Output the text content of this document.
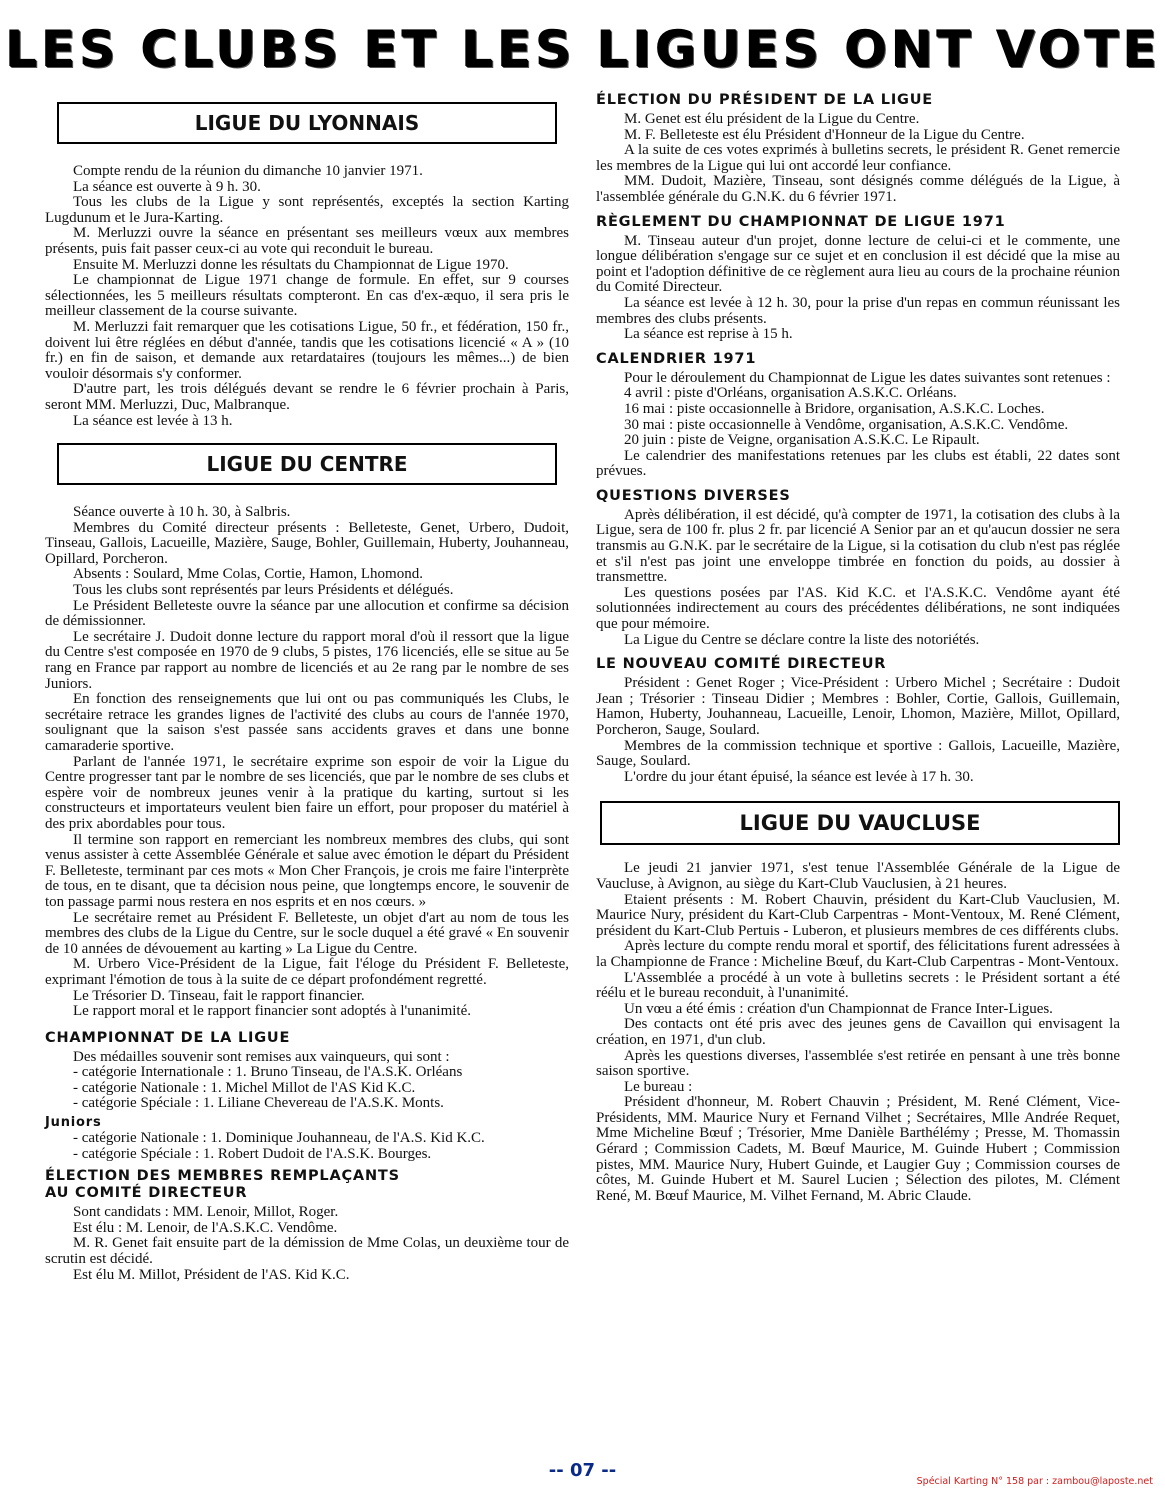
LES CLUBS ET LES LIGUES ONT VOTE
LIGUE DU LYONNAIS

Compte rendu de la réunion du dimanche 10 janvier 1971.

La séance est ouverte à 9 h. 30.

Tous les clubs de la Ligue y sont représentés, exceptés la section Karting Lugdunum et le Jura-Karting.

M. Merluzzi ouvre la séance en présentant ses meilleurs vœux aux membres présents, puis fait passer ceux-ci au vote qui reconduit le bureau.

Ensuite M. Merluzzi donne les résultats du Championnat de Ligue 1970.

Le championnat de Ligue 1971 change de formule. En effet, sur 9 courses sélectionnées, les 5 meilleurs résultats compteront. En cas d'ex-æquo, il sera pris le meilleur classement de la course suivante.

M. Merluzzi fait remarquer que les cotisations Ligue, 50 fr., et fédération, 150 fr., doivent lui être réglées en début d'année, tandis que les cotisations licencié « A » (10 fr.) en fin de saison, et demande aux retardataires (toujours les mêmes...) de bien vouloir désormais s'y conformer.

D'autre part, les trois délégués devant se rendre le 6 février prochain à Paris, seront MM. Merluzzi, Duc, Malbranque.

La séance est levée à 13 h.

LIGUE DU CENTRE

Séance ouverte à 10 h. 30, à Salbris.

Membres du Comité directeur présents : Belleteste, Genet, Urbero, Dudoit, Tinseau, Gallois, Lacueille, Mazière, Sauge, Bohler, Guillemain, Huberty, Jouhanneau, Opillard, Porcheron.

Absents : Soulard, Mme Colas, Cortie, Hamon, Lhomond.

Tous les clubs sont représentés par leurs Présidents et délégués.

Le Président Belleteste ouvre la séance par une allocution et confirme sa décision de démissionner.

Le secrétaire J. Dudoit donne lecture du rapport moral d'où il ressort que la ligue du Centre s'est composée en 1970 de 9 clubs, 5 pistes, 176 licenciés, elle se situe au 5e rang en France par rapport au nombre de licenciés et au 2e rang par le nombre de ses Juniors.

En fonction des renseignements que lui ont ou pas communiqués les Clubs, le secrétaire retrace les grandes lignes de l'activité des clubs au cours de l'année 1970, soulignant que la saison s'est passée sans accidents graves et dans une bonne camaraderie sportive.

Parlant de l'année 1971, le secrétaire exprime son espoir de voir la Ligue du Centre progresser tant par le nombre de ses licenciés, que par le nombre de ses clubs et espère voir de nombreux jeunes venir à la pratique du karting, surtout si les constructeurs et importateurs veulent bien faire un effort, pour proposer du matériel à des prix abordables pour tous.

Il termine son rapport en remerciant les nombreux membres des clubs, qui sont venus assister à cette Assemblée Générale et salue avec émotion le départ du Président F. Belleteste, terminant par ces mots « Mon Cher François, je crois me faire l'interprète de tous, en te disant, que ta décision nous peine, que longtemps encore, le souvenir de ton passage parmi nous restera en nos esprits et en nos cœurs. »

Le secrétaire remet au Président F. Belleteste, un objet d'art au nom de tous les membres des clubs de la Ligue du Centre, sur le socle duquel a été gravé « En souvenir de 10 années de dévouement au karting » La Ligue du Centre.

M. Urbero Vice-Président de la Ligue, fait l'éloge du Président F. Belleteste, exprimant l'émotion de tous à la suite de ce départ profondément regretté.

Le Trésorier D. Tinseau, fait le rapport financier.

Le rapport moral et le rapport financier sont adoptés à l'unanimité.

CHAMPIONNAT DE LA LIGUE

Des médailles souvenir sont remises aux vainqueurs, qui sont :

- catégorie Internationale : 1. Bruno Tinseau, de l'A.S.K. Orléans

- catégorie Nationale : 1. Michel Millot de l'AS Kid K.C.

- catégorie Spéciale : 1. Liliane Chevereau de l'A.S.K. Monts.

Juniors

- catégorie Nationale : 1. Dominique Jouhanneau, de l'A.S. Kid K.C.

- catégorie Spéciale : 1. Robert Dudoit de l'A.S.K. Bourges.

ÉLECTION DES MEMBRES REMPLAÇANTS
AU COMITÉ DIRECTEUR

Sont candidats : MM. Lenoir, Millot, Roger.

Est élu : M. Lenoir, de l'A.S.K.C. Vendôme.

M. R. Genet fait ensuite part de la démission de Mme Colas, un deuxième tour de scrutin est décidé.

Est élu M. Millot, Président de l'AS. Kid K.C.

ÉLECTION DU PRÉSIDENT DE LA LIGUE

M. Genet est élu président de la Ligue du Centre.

M. F. Belleteste est élu Président d'Honneur de la Ligue du Centre.

A la suite de ces votes exprimés à bulletins secrets, le président R. Genet remercie les membres de la Ligue qui lui ont accordé leur confiance.

MM. Dudoit, Mazière, Tinseau, sont désignés comme délégués de la Ligue, à l'assemblée générale du G.N.K. du 6 février 1971.

RÈGLEMENT DU CHAMPIONNAT DE LIGUE 1971

M. Tinseau auteur d'un projet, donne lecture de celui-ci et le commente, une longue délibération s'engage sur ce sujet et en conclusion il est décidé que la mise au point et l'adoption définitive de ce règlement aura lieu au cours de la prochaine réunion du Comité Directeur.

La séance est levée à 12 h. 30, pour la prise d'un repas en commun réunissant les membres des clubs présents.

La séance est reprise à 15 h.

CALENDRIER 1971

Pour le déroulement du Championnat de Ligue les dates suivantes sont retenues :

4 avril : piste d'Orléans, organisation A.S.K.C. Orléans.

16 mai : piste occasionnelle à Bridore, organisation, A.S.K.C. Loches.

30 mai : piste occasionnelle à Vendôme, organisation, A.S.K.C. Vendôme.

20 juin : piste de Veigne, organisation A.S.K.C. Le Ripault.

Le calendrier des manifestations retenues par les clubs est établi, 22 dates sont prévues.

QUESTIONS DIVERSES

Après délibération, il est décidé, qu'à compter de 1971, la cotisation des clubs à la Ligue, sera de 100 fr. plus 2 fr. par licencié A Senior par an et qu'aucun dossier ne sera transmis au G.N.K. par le secrétaire de la Ligue, si la cotisation du club n'est pas réglée et s'il n'est pas joint une enveloppe timbrée en fonction du poids, au dossier à transmettre.

Les questions posées par l'AS. Kid K.C. et l'A.S.K.C. Vendôme ayant été solutionnées indirectement au cours des précédentes délibérations, ne sont indiquées que pour mémoire.

La Ligue du Centre se déclare contre la liste des notoriétés.

LE NOUVEAU COMITÉ DIRECTEUR

Président : Genet Roger ; Vice-Président : Urbero Michel ; Secrétaire : Dudoit Jean ; Trésorier : Tinseau Didier ; Membres : Bohler, Cortie, Gallois, Guillemain, Hamon, Huberty, Jouhanneau, Lacueille, Lenoir, Lhomon, Mazière, Millot, Opillard, Porcheron, Sauge, Soulard.

Membres de la commission technique et sportive : Gallois, Lacueille, Mazière, Sauge, Soulard.

L'ordre du jour étant épuisé, la séance est levée à 17 h. 30.

LIGUE DU VAUCLUSE

Le jeudi 21 janvier 1971, s'est tenue l'Assemblée Générale de la Ligue de Vaucluse, à Avignon, au siège du Kart-Club Vauclusien, à 21 heures.

Etaient présents : M. Robert Chauvin, président du Kart-Club Vauclusien, M. Maurice Nury, président du Kart-Club Carpentras - Mont-Ventoux, M. René Clément, président du Kart-Club Pertuis - Luberon, et plusieurs membres de ces différents clubs.

Après lecture du compte rendu moral et sportif, des félicitations furent adressées à la Championne de France : Micheline Bœuf, du Kart-Club Carpentras - Mont-Ventoux.

L'Assemblée a procédé à un vote à bulletins secrets : le Président sortant a été réélu et le bureau reconduit, à l'unanimité.

Un vœu a été émis : création d'un Championnat de France Inter-Ligues.

Des contacts ont été pris avec des jeunes gens de Cavaillon qui envisagent la création, en 1971, d'un club.

Après les questions diverses, l'assemblée s'est retirée en pensant à une très bonne saison sportive.

Le bureau :

Président d'honneur, M. Robert Chauvin ; Président, M. René Clément, Vice-Présidents, MM. Maurice Nury et Fernand Vilhet ; Secrétaires, Mlle Andrée Requet, Mme Micheline Bœuf ; Trésorier, Mme Danièle Barthélémy ; Presse, M. Thomassin Gérard ; Commission Cadets, M. Bœuf Maurice, M. Guinde Hubert ; Commission pistes, MM. Maurice Nury, Hubert Guinde, et Laugier Guy ; Commission courses de côtes, M. Guinde Hubert et M. Saurel Lucien ; Sélection des pilotes, M. Clément René, M. Bœuf Maurice, M. Vilhet Fernand, M. Abric Claude.

-- 07 --
Spécial Karting N° 158 par : zambou@laposte.net
